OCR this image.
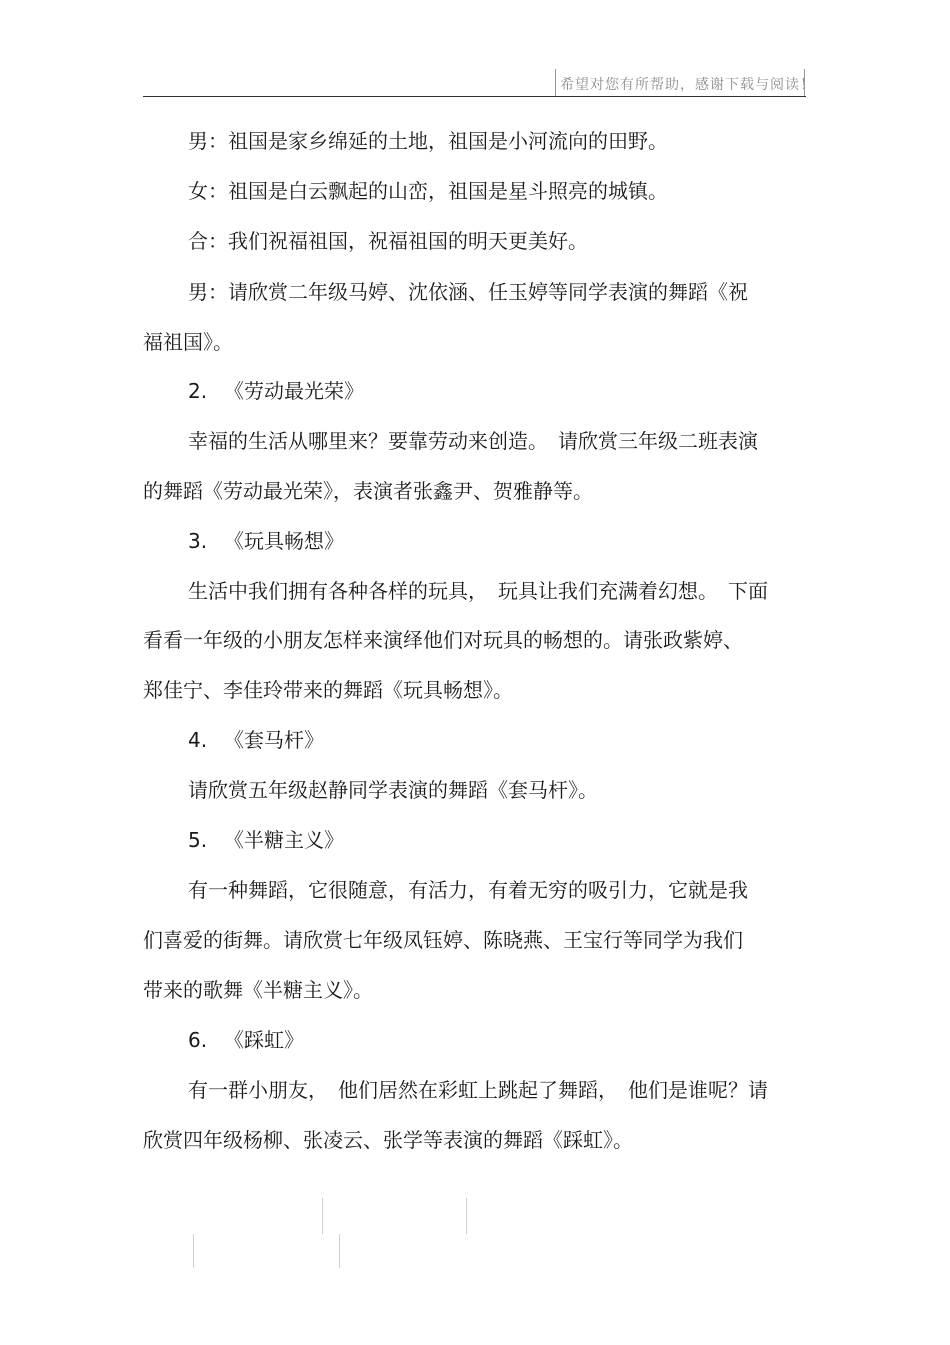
希望对您有所帮助，感谢下载与阅读！
男：祖国是家乡绵延的土地，祖国是小河流向的田野。
女：祖国是白云飘起的山峦，祖国是星斗照亮的城镇。
合：我们祝福祖国，祝福祖国的明天更美好。
男：请欣赏二年级马婷、沈依涵、任玉婷等同学表演的舞蹈《祝
福祖国》。
2. 《劳动最光荣》
幸福的生活从哪里来？要靠劳动来创造。　请欣赏三年级二班表演
的舞蹈《劳动最光荣》，表演者张鑫尹、贺雅静等。
3. 《玩具畅想》
生活中我们拥有各种各样的玩具，　玩具让我们充满着幻想。　下面
看看一年级的小朋友怎样来演绎他们对玩具的畅想的。请张政紫婷、
郑佳宁、李佳玲带来的舞蹈《玩具畅想》。
4. 《套马杆》
请欣赏五年级赵静同学表演的舞蹈《套马杆》。
5. 《半糖主义》
有一种舞蹈，它很随意，有活力，有着无穷的吸引力，它就是我
们喜爱的街舞。请欣赏七年级凤钰婷、陈晓燕、王宝行等同学为我们
带来的歌舞《半糖主义》。
6. 《踩虹》
有一群小朋友，　他们居然在彩虹上跳起了舞蹈，　他们是谁呢？请
欣赏四年级杨柳、张凌云、张学等表演的舞蹈《踩虹》。
